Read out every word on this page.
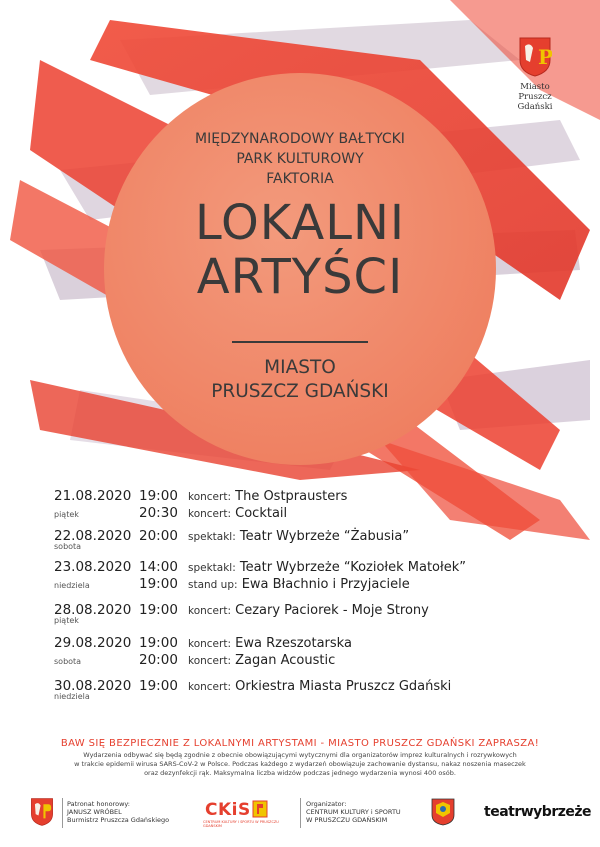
P
Miasto
Pruszcz Gdański
MIĘDZYNARODOWY BAŁTYCKI
PARK KULTUROWY
FAKTORIA
LOKALNI
ARTYŚCI
MIASTO
PRUSZCZ GDAŃSKI
21.08.2020 19:00 koncert: The Ostprausters
piątek	20:30 koncert: Cocktail
22.08.2020 20:00 spektakl: Teatr Wybrzeże “Żabusia”
sobota
23.08.2020 14:00 spektakl: Teatr Wybrzeże “Koziołek Matołek”
niedziela	19:00 stand up: Ewa Błachnio i Przyjaciele
28.08.2020 19:00 koncert: Cezary Paciorek - Moje Strony
piątek
29.08.2020 19:00 koncert: Ewa Rzeszotarska
sobota	20:00 koncert: Zagan Acoustic
30.08.2020 19:00 koncert: Orkiestra Miasta Pruszcz Gdański
niedziela
BAW SIĘ BEZPIECZNIE Z LOKALNYMI ARTYSTAMI - MIASTO PRUSZCZ GDAŃSKI ZAPRASZA!
Wydarzenia odbywać się będą zgodnie z obecnie obowiązującymi wytycznymi dla organizatorów imprez kulturalnych i rozrywkowych
w trakcie epidemii wirusa SARS-CoV-2 w Polsce. Podczas każdego z wydarzeń obowiązuje zachowanie dystansu, nakaz noszenia maseczek
oraz dezynfekcji rąk. Maksymalna liczba widzów podczas jednego wydarzenia wynosi 400 osób.
Patronat honorowy:
JANUSZ WRÓBEL
Burmistrz Pruszcza Gdańskiego CKiS
CENTRUM KULTURY I SPORTU W PRUSZCZU GDAŃSKIM
Organizator:
CENTRUM KULTURY i SPORTU
W PRUSZCZU GDAŃSKIM	teatrwybrzeże
